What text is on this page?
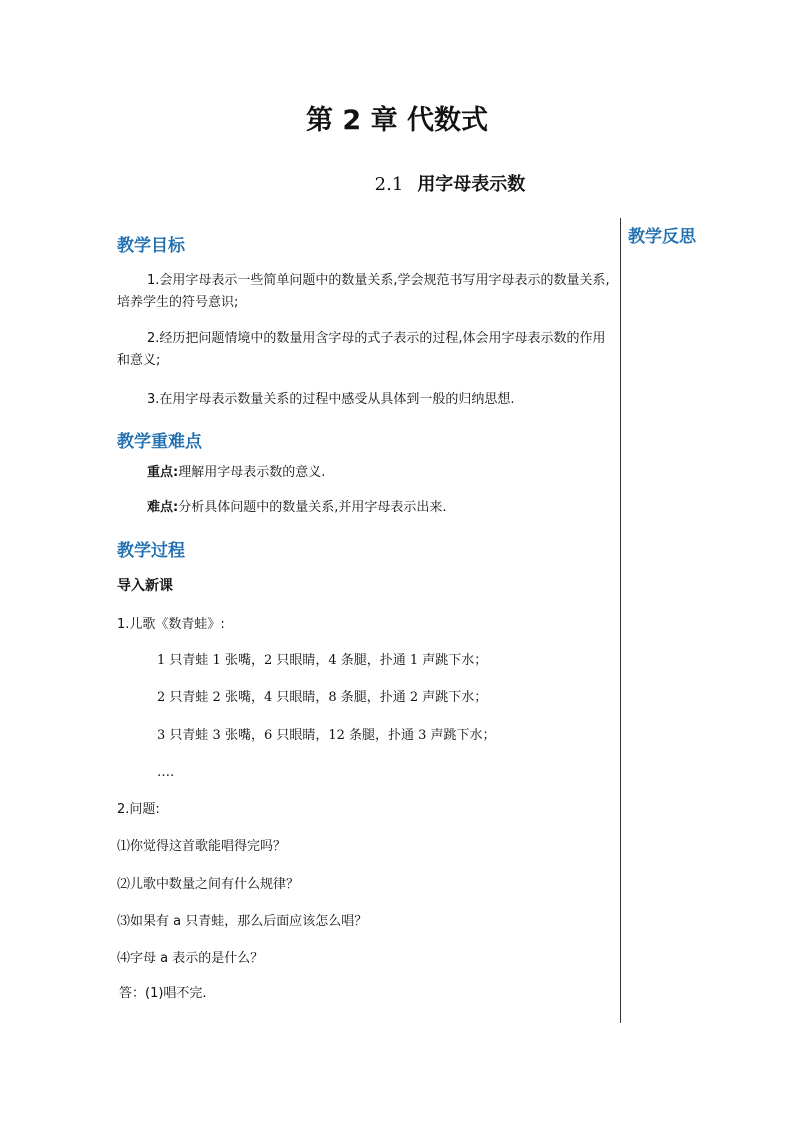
第 2 章 代数式
2.1 用字母表示数
教学反思
教学目标
1.会用字母表示一些简单问题中的数量关系,学会规范书写用字母表示的数量关系,培养学生的符号意识;
2.经历把问题情境中的数量用含字母的式子表示的过程,体会用字母表示数的作用和意义;
3.在用字母表示数量关系的过程中感受从具体到一般的归纳思想.
教学重难点
重点:理解用字母表示数的意义.
难点:分析具体问题中的数量关系,并用字母表示出来.
教学过程
导入新课
1.儿歌《数青蛙》:
1 只青蛙 1 张嘴，2 只眼睛，4 条腿，扑通 1 声跳下水；
2 只青蛙 2 张嘴，4 只眼睛，8 条腿，扑通 2 声跳下水；
3 只青蛙 3 张嘴，6 只眼睛，12 条腿，扑通 3 声跳下水；
….
2.问题:
⑴你觉得这首歌能唱得完吗？
⑵儿歌中数量之间有什么规律？
⑶如果有 a 只青蛙，那么后面应该怎么唱？
⑷字母 a 表示的是什么？
答：(1)唱不完.
